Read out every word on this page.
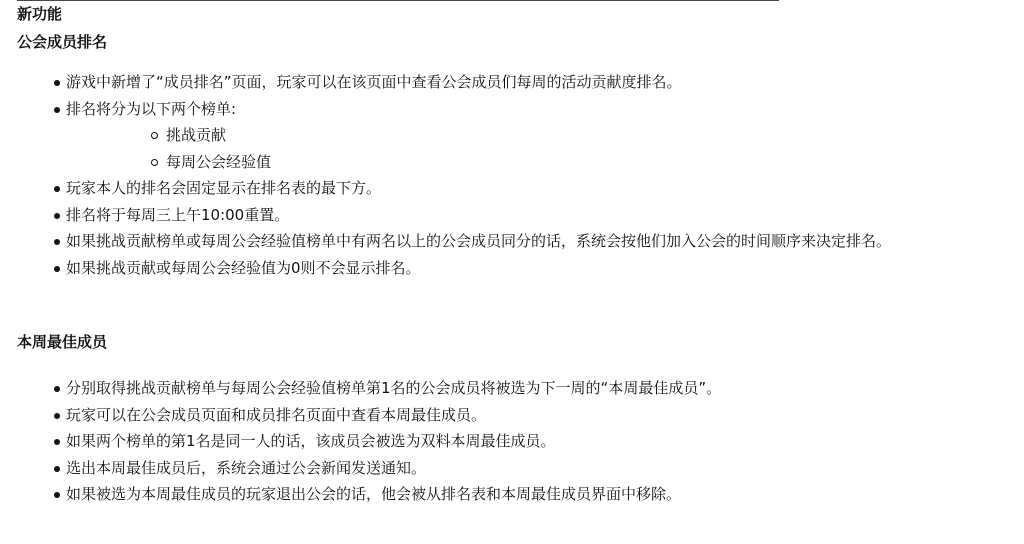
新功能
公会成员排名
游戏中新增了“成员排名”页面，玩家可以在该页面中查看公会成员们每周的活动贡献度排名。
排名将分为以下两个榜单:
挑战贡献
每周公会经验值
玩家本人的排名会固定显示在排名表的最下方。
排名将于每周三上午10:00重置。
如果挑战贡献榜单或每周公会经验值榜单中有两名以上的公会成员同分的话，系统会按他们加入公会的时间顺序来决定排名。
如果挑战贡献或每周公会经验值为0则不会显示排名。
本周最佳成员
分别取得挑战贡献榜单与每周公会经验值榜单第1名的公会成员将被选为下一周的“本周最佳成员”。
玩家可以在公会成员页面和成员排名页面中查看本周最佳成员。
如果两个榜单的第1名是同一人的话，该成员会被选为双料本周最佳成员。
选出本周最佳成员后，系统会通过公会新闻发送通知。
如果被选为本周最佳成员的玩家退出公会的话，他会被从排名表和本周最佳成员界面中移除。
